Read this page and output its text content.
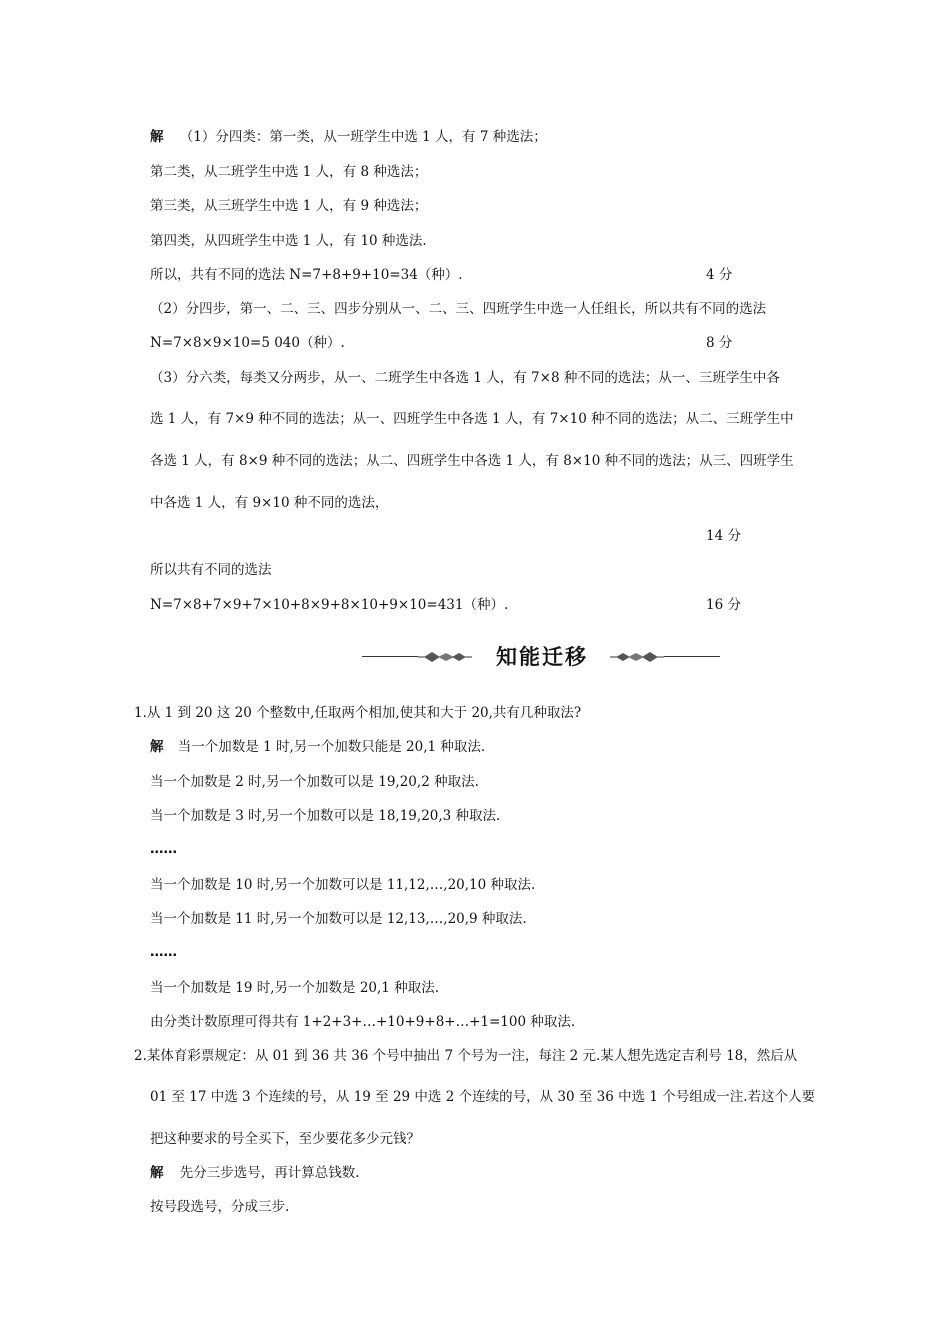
解 （1）分四类：第一类，从一班学生中选 1 人，有 7 种选法；
第二类，从二班学生中选 1 人，有 8 种选法；
第三类，从三班学生中选 1 人，有 9 种选法；
第四类，从四班学生中选 1 人，有 10 种选法.
所以，共有不同的选法 N=7+8+9+10=34（种）.	4 分
（2）分四步，第一、二、三、四步分别从一、二、三、四班学生中选一人任组长，所以共有不同的选法
N=7×8×9×10=5 040（种）.	8 分
（3）分六类，每类又分两步，从一、二班学生中各选 1 人，有 7×8 种不同的选法；从一、三班学生中各
选 1 人，有 7×9 种不同的选法；从一、四班学生中各选 1 人，有 7×10 种不同的选法；从二、三班学生中
各选 1 人，有 8×9 种不同的选法；从二、四班学生中各选 1 人，有 8×10 种不同的选法；从三、四班学生
中各选 1 人，有 9×10 种不同的选法，
14 分
所以共有不同的选法
N=7×8+7×9+7×10+8×9+8×10+9×10=431（种）.	16 分
知能迁移
1.从 1 到 20 这 20 个整数中,任取两个相加,使其和大于 20,共有几种取法?
解 当一个加数是 1 时,另一个加数只能是 20,1 种取法.
当一个加数是 2 时,另一个加数可以是 19,20,2 种取法.
当一个加数是 3 时,另一个加数可以是 18,19,20,3 种取法.
……
当一个加数是 10 时,另一个加数可以是 11,12,…,20,10 种取法.
当一个加数是 11 时,另一个加数可以是 12,13,…,20,9 种取法.
……
当一个加数是 19 时,另一个加数是 20,1 种取法.
由分类计数原理可得共有 1+2+3+…+10+9+8+…+1=100 种取法.
2.某体育彩票规定：从 01 到 36 共 36 个号中抽出 7 个号为一注，每注 2 元.某人想先选定吉利号 18，然后从
01 至 17 中选 3 个连续的号，从 19 至 29 中选 2 个连续的号，从 30 至 36 中选 1 个号组成一注.若这个人要
把这种要求的号全买下，至少要花多少元钱？
解 先分三步选号，再计算总钱数.
按号段选号，分成三步.
